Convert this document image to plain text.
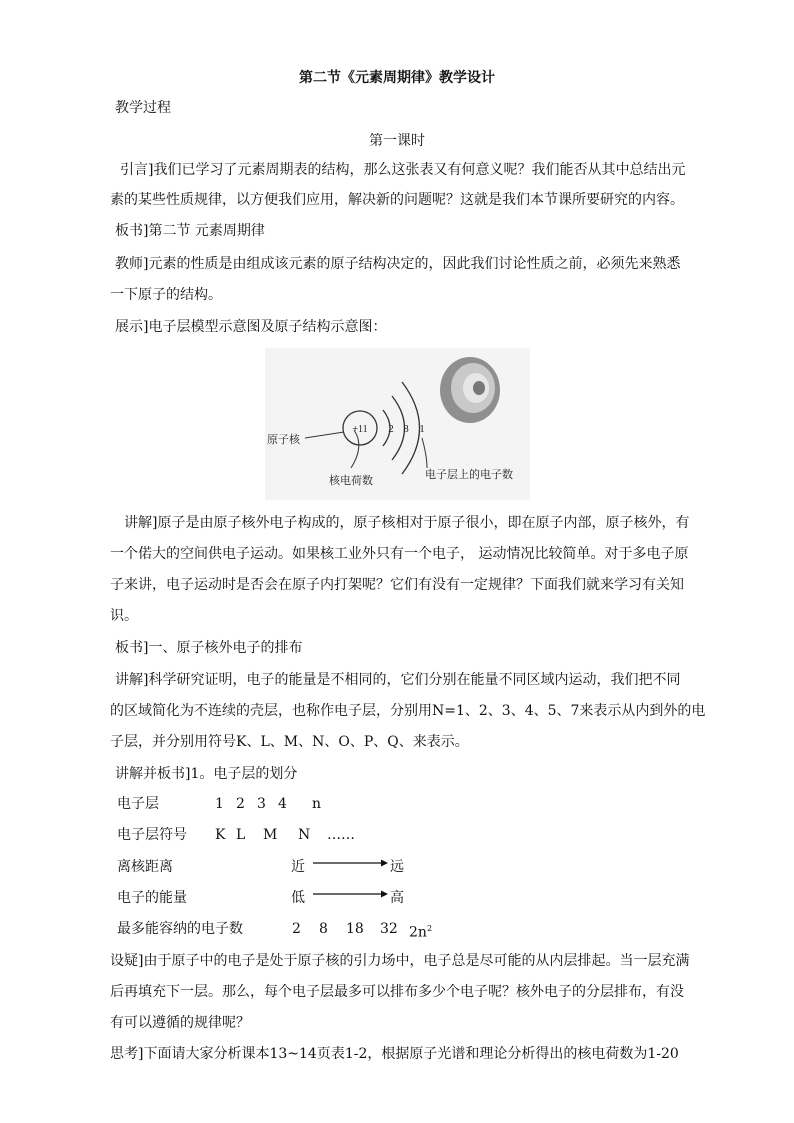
第二节《元素周期律》教学设计
教学过程
第一课时
引言]我们已学习了元素周期表的结构，那么这张表又有何意义呢？我们能否从其中总结出元
素的某些性质规律，以方便我们应用，解决新的问题呢？这就是我们本节课所要研究的内容。
板书]第二节 元素周期律
教师]元素的性质是由组成该元素的原子结构决定的，因此我们讨论性质之前，必须先来熟悉
一下原子的结构。
展示]电子层模型示意图及原子结构示意图：
+11 2 8 1
原子核
核电荷数	电子层上的电子数
讲解]原子是由原子核外电子构成的，原子核相对于原子很小，即在原子内部，原子核外，有
一个偌大的空间供电子运动。如果核工业外只有一个电子， 运动情况比较简单。对于多电子原
子来讲，电子运动时是否会在原子内打架呢？它们有没有一定规律？下面我们就来学习有关知
识。
板书]一、原子核外电子的排布
讲解]科学研究证明，电子的能量是不相同的，它们分别在能量不同区域内运动，我们把不同
的区域简化为不连续的壳层，也称作电子层，分别用N=1、2、3、4、5、7来表示从内到外的电
子层，并分别用符号K、L、M、N、O、P、Q、来表示。
讲解并板书]1。电子层的划分
电子层	1 2 3 4 n
电子层符号 K L M N ……
离核距离	近	远
电子的能量	低	高
最多能容纳的电子数	2 8 18 32 $2n^2$
设疑]由于原子中的电子是处于原子核的引力场中，电子总是尽可能的从内层排起。当一层充满
后再填充下一层。那么，每个电子层最多可以排布多少个电子呢？核外电子的分层排布，有没
有可以遵循的规律呢？
思考]下面请大家分析课本13~14页表1-2，根据原子光谱和理论分析得出的核电荷数为1-20
